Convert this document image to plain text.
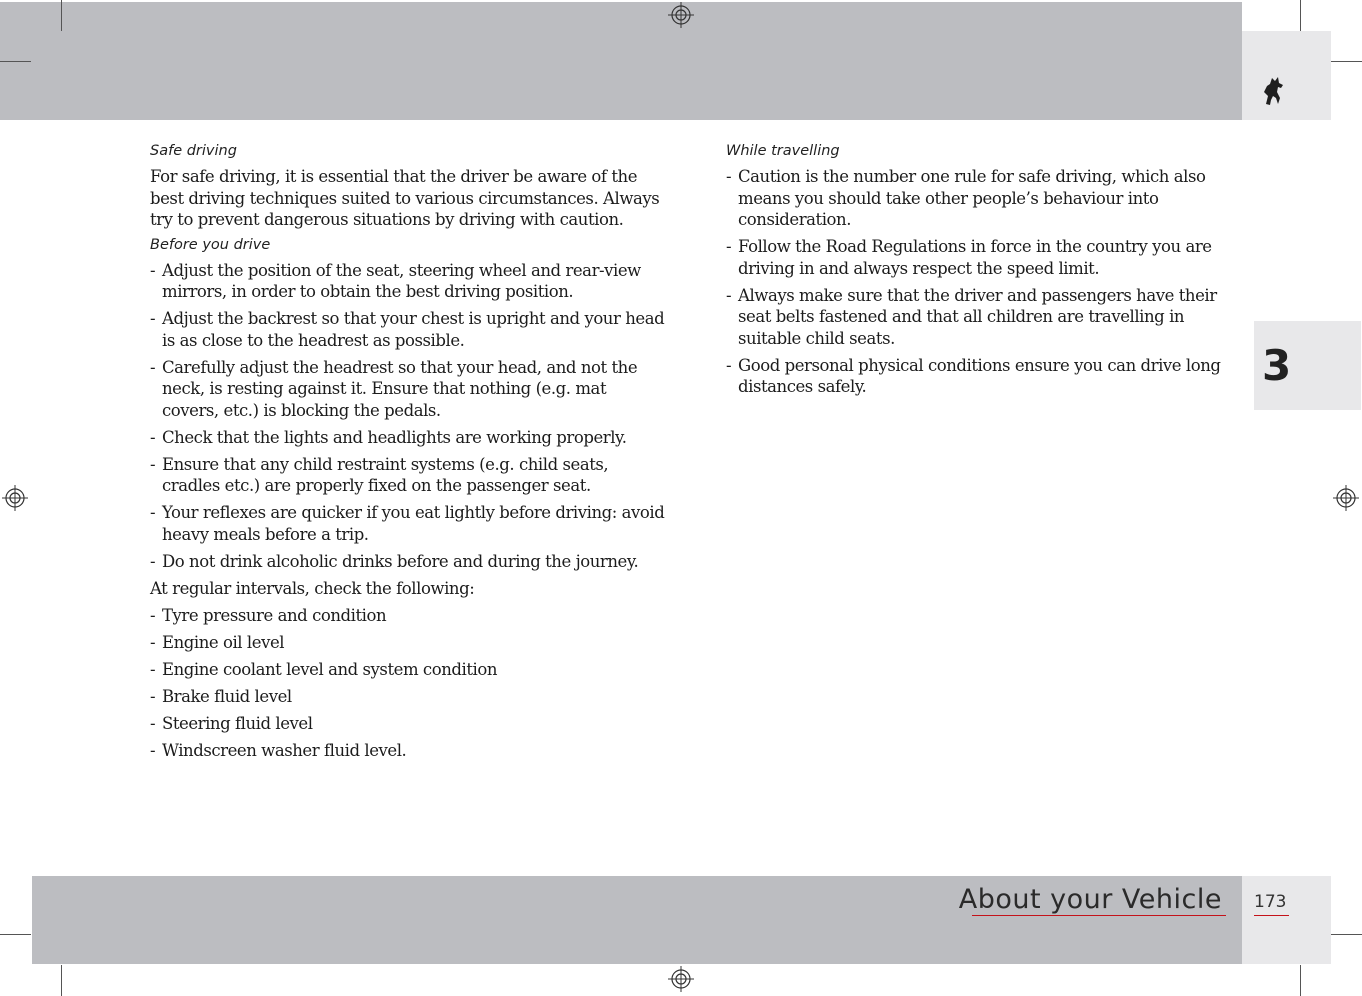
3
About your Vehicle 173
Safe driving

For safe driving, it is essential that the driver be aware of the best driving techniques suited to various circumstances. Always try to prevent dangerous situations by driving with caution.

Before you drive
- Adjust the position of the seat, steering wheel and rear-view mirrors, in order to obtain the best driving position.
- Adjust the backrest so that your chest is upright and your head is as close to the headrest as possible.
- Carefully adjust the headrest so that your head, and not the neck, is resting against it. Ensure that nothing (e.g. mat covers, etc.) is blocking the pedals.
- Check that the lights and headlights are working properly.
- Ensure that any child restraint systems (e.g. child seats, cradles etc.) are properly fixed on the passenger seat.
- Your reflexes are quicker if you eat lightly before driving: avoid heavy meals before a trip.
- Do not drink alcoholic drinks before and during the journey.

At regular intervals, check the following:

- Tyre pressure and condition
- Engine oil level
- Engine coolant level and system condition
- Brake fluid level
- Steering fluid level
- Windscreen washer fluid level.
While travelling
- Caution is the number one rule for safe driving, which also means you should take other people’s behaviour into consideration.
- Follow the Road Regulations in force in the country you are driving in and always respect the speed limit.
- Always make sure that the driver and passengers have their seat belts fastened and that all children are travelling in suitable child seats.
- Good personal physical conditions ensure you can drive long distances safely.
